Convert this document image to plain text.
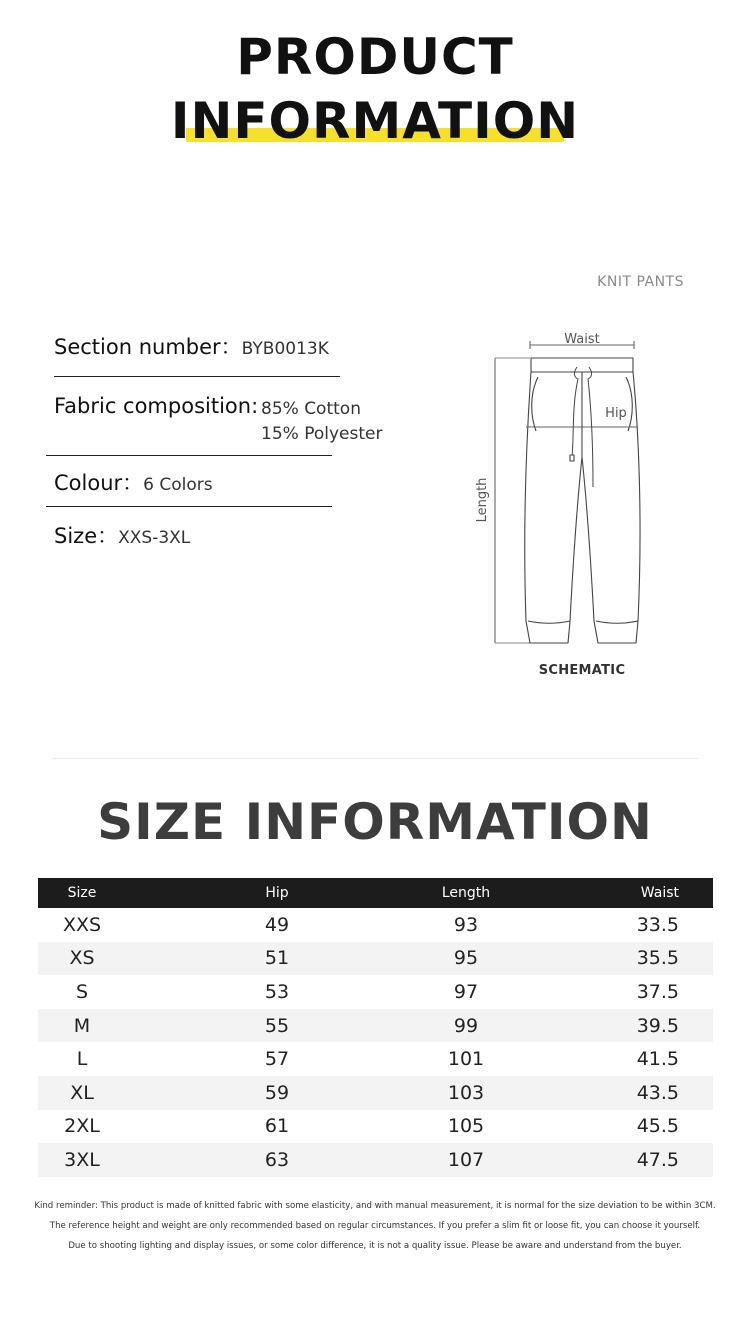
PRODUCT
INFORMATION
KNIT PANTS
Section number：BYB0013K
Fabric composition: 85% Cotton
15% Polyester
Colour：6 Colors
Size：XXS-3XL
Waist
Hip
Length
SCHEMATIC
SIZE INFORMATION
Size	Hip	Length	Waist
XXS	49	93	33.5
XS	51	95	35.5
S	53	97	37.5
M	55	99	39.5
L	57	101	41.5
XL	59	103	43.5
2XL	61	105	45.5
3XL	63	107	47.5
Kind reminder: This product is made of knitted fabric with some elasticity, and with manual measurement, it is normal for the size deviation to be within 3CM.
The reference height and weight are only recommended based on regular circumstances. If you prefer a slim fit or loose fit, you can choose it yourself.
Due to shooting lighting and display issues, or some color difference, it is not a quality issue. Please be aware and understand from the buyer.
